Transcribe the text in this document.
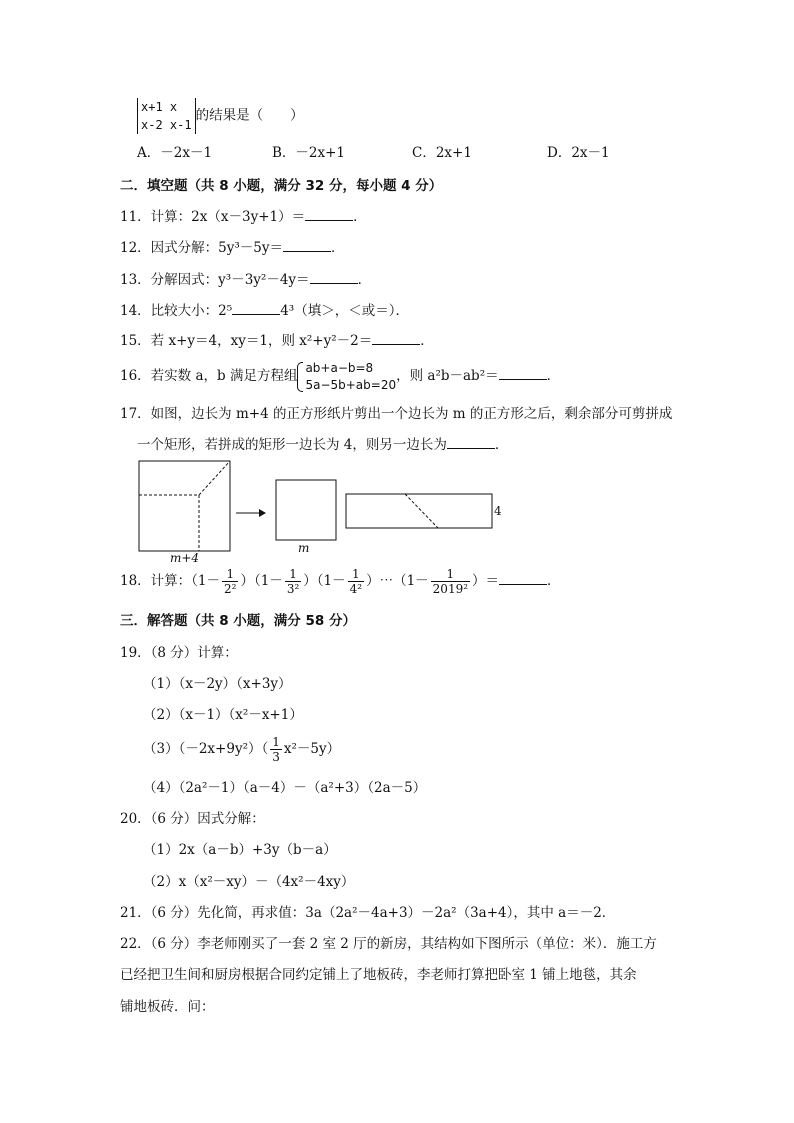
x+1 x
x-2 x-1
的结果是（　　）
A．－2x－1	B．－2x+1	C．2x+1	D．2x－1
二．填空题（共 8 小题，满分 32 分，每小题 4 分）
11．计算：2x（x－3y+1）＝	．
12．因式分解：5y³－5y＝	．
13．分解因式：y³－3y²－4y＝	．
14．比较大小：2⁵	4³（填＞，＜或＝）．
15．若 x+y＝4，xy＝1，则 x²+y²－2＝	．
16．若实数 a，b 满足方程组
ab+a−b=8
5a−5b+ab=20
，则 a²b－ab²＝	．
17．如图，边长为 m+4 的正方形纸片剪出一个边长为 m 的正方形之后，剩余部分可剪拼成
一个矩形，若拼成的矩形一边长为 4，则另一边长为	．
m+4
m
4
18．计算：$(1- \frac{1}{\text{2²}} )(1- \frac{1}{\text{3²}} )(1- \frac{1}{\text{4²}}$ ）⋯（1－ $\frac{1}{\text{2019²}}$ ）＝	．
三．解答题（共 8 小题，满分 58 分）
19．（8 分）计算：
（1）（x－2y）（x+3y）
（2）（x－1）（x²－x+1）
$(3)(-2x+9y^2)( \frac{1}{3} x^2-5y)$
（4）（2a²－1）（a－4）－（a²+3）（2a－5）
20．（6 分）因式分解：
（1）2x（a－b）+3y（b－a）
（2）x（x²－xy）－（4x²－4xy）
21．（6 分）先化简，再求值：3a（2a²－4a+3）－2a²（3a+4），其中 a＝－2．
22．（6 分）李老师刚买了一套 2 室 2 厅的新房，其结构如下图所示（单位：米）．施工方
已经把卫生间和厨房根据合同约定铺上了地板砖，李老师打算把卧室 1 铺上地毯，其余
铺地板砖．问：
